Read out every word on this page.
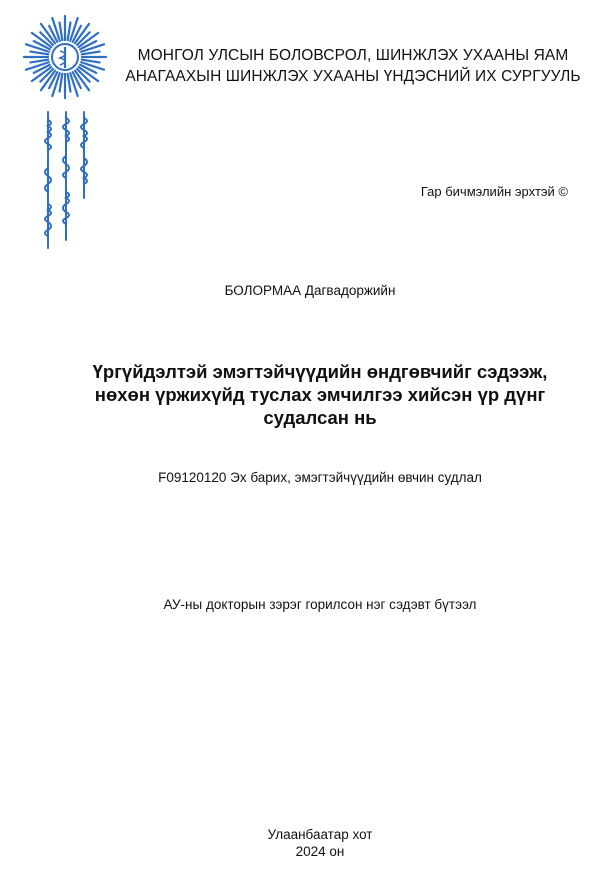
МОНГОЛ УЛСЫН БОЛОВСРОЛ, ШИНЖЛЭХ УХААНЫ ЯАМ
АНАГААХЫН ШИНЖЛЭХ УХААНЫ ҮНДЭСНИЙ ИХ СУРГУУЛЬ
Гар бичмэлийн эрхтэй ©
БОЛОРМАА Дагвадоржийн
Үргүйдэлтэй эмэгтэйчүүдийн өндгөвчийг сэдээж,
нөхөн үржихүйд туслах эмчилгээ хийсэн үр дүнг
судалсан нь
F09120120 Эх барих, эмэгтэйчүүдийн өвчин судлал
АУ-ны докторын зэрэг горилсон нэг сэдэвт бүтээл
Улаанбаатар хот
2024 он
